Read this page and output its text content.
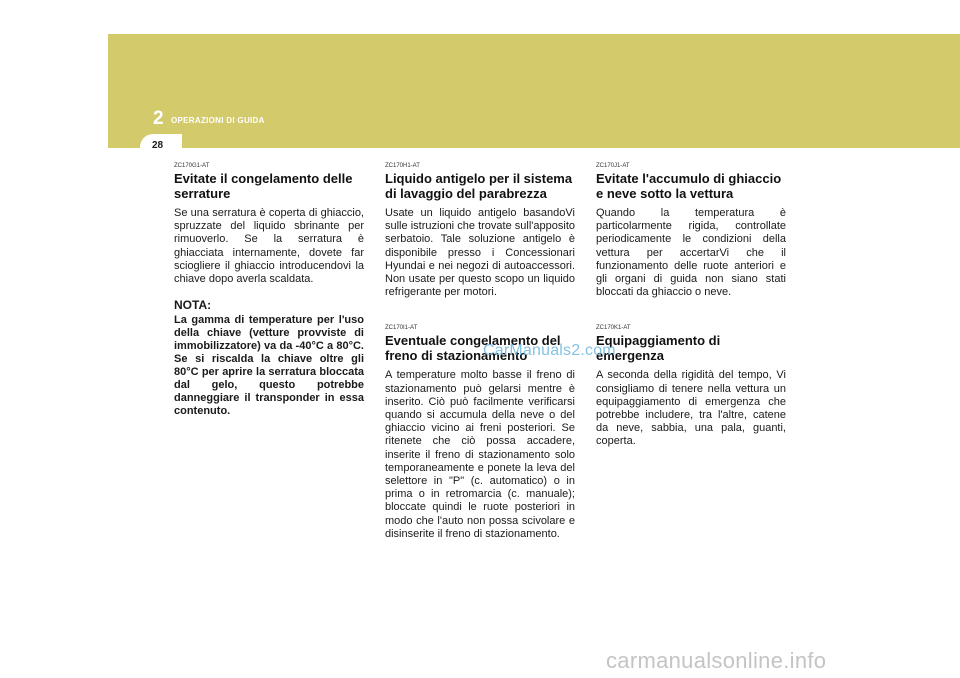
2 OPERAZIONI DI GUIDA
28

ZC170G1-AT

Evitate il congelamento delle serrature

Se una serratura è coperta di ghiaccio, spruzzate del liquido sbrinante per rimuoverlo. Se la serratura è ghiacciata internamente, dovete far sciogliere il ghiaccio introducendovi la chiave dopo averla scaldata.

NOTA:

La gamma di temperature per l'uso della chiave (vetture provviste di immobilizzatore) va da -40°C a 80°C. Se si riscalda la chiave oltre gli 80°C per aprire la serratura bloccata dal gelo, questo potrebbe danneggiare il transponder in essa contenuto.

ZC170H1-AT

Liquido antigelo per il sistema di lavaggio del parabrezza

Usate un liquido antigelo basandoVi sulle istruzioni che trovate sull'apposito serbatoio. Tale soluzione antigelo è disponibile presso i Concessionari Hyundai e nei negozi di autoaccessori. Non usate per questo scopo un liquido refrigerante per motori.

ZC170I1-AT

Eventuale congelamento del freno di stazionamento

A temperature molto basse il freno di stazionamento può gelarsi mentre è inserito. Ciò può facilmente verificarsi quando si accumula della neve o del ghiaccio vicino ai freni posteriori. Se ritenete che ciò possa accadere, inserite il freno di stazionamento solo temporaneamente e ponete la leva del selettore in "P" (c. automatico) o in prima o in retromarcia (c. manuale); bloccate quindi le ruote posteriori in modo che l'auto non possa scivolare e disinserite il freno di stazionamento.

ZC170J1-AT

Evitate l'accumulo di ghiaccio e neve sotto la vettura

Quando la temperatura è particolarmente rigida, controllate periodicamente le condizioni della vettura per accertarVi che il funzionamento delle ruote anteriori e gli organi di guida non siano stati bloccati da ghiaccio o neve.

ZC170K1-AT

Equipaggiamento di emergenza

A seconda della rigidità del tempo, Vi consigliamo di tenere nella vettura un equipaggiamento di emergenza che potrebbe includere, tra l'altre, catene da neve, sabbia, una pala, guanti, coperta.

CarManuals2.com
carmanualsonline.info
